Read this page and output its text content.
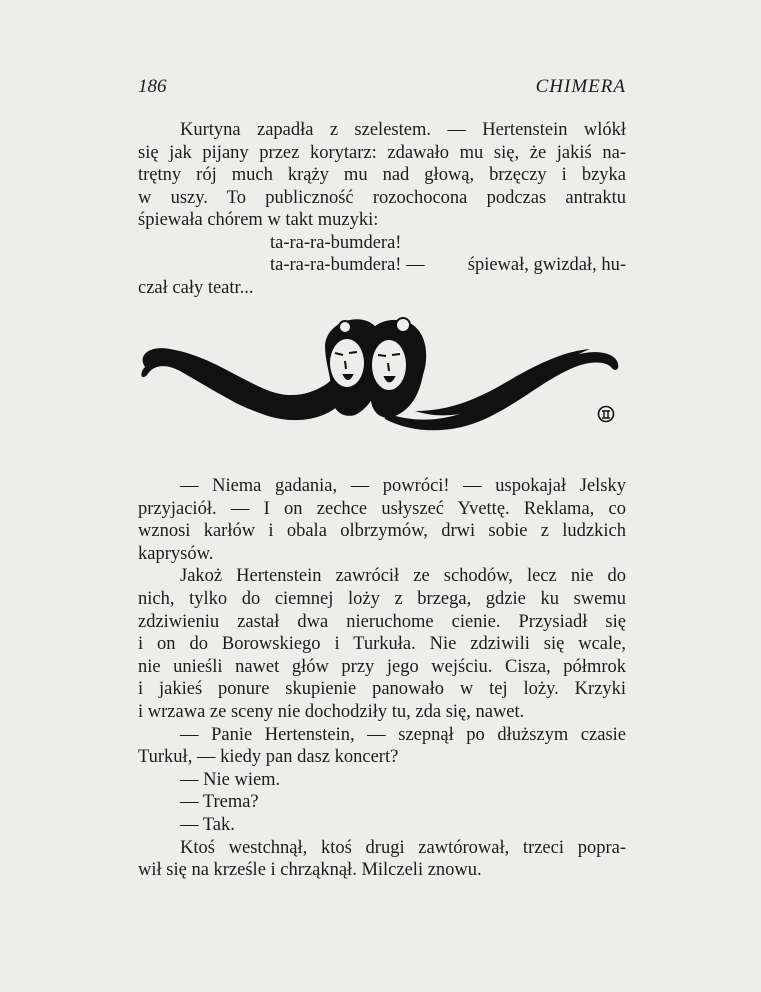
186	CHIMERA

Kurtyna zapadła z szelestem. — Hertenstein wlókł

się jak pijany przez korytarz: zdawało mu się, że jakiś na-

trętny rój much krąży mu nad głową, brzęczy i bzyka

w uszy. To publiczność rozochocona podczas antraktu

śpiewała chórem w takt muzyki:

ta-ra-ra-bumdera!
ta-ra-ra-bumdera! — śpiewał, gwizdał, hu-
czał cały teatr...

— Niema gadania, — powróci! — uspokajał Jelsky

przyjaciół. — I on zechce usłyszeć Yvettę. Reklama, co

wznosi karłów i obala olbrzymów, drwi sobie z ludzkich

kaprysów.

Jakoż Hertenstein zawrócił ze schodów, lecz nie do

nich, tylko do ciemnej loży z brzega, gdzie ku swemu

zdziwieniu zastał dwa nieruchome cienie. Przysiadł się

i on do Borowskiego i Turkuła. Nie zdziwili się wcale,

nie unieśli nawet głów przy jego wejściu. Cisza, półmrok

i jakieś ponure skupienie panowało w tej loży. Krzyki

i wrzawa ze sceny nie dochodziły tu, zda się, nawet.

— Panie Hertenstein, — szepnął po dłuższym czasie

Turkuł, — kiedy pan dasz koncert?

— Nie wiem.

— Trema?

— Tak.

Ktoś westchnął, ktoś drugi zawtórował, trzeci popra-

wił się na krześle i chrząknął. Milczeli znowu.
